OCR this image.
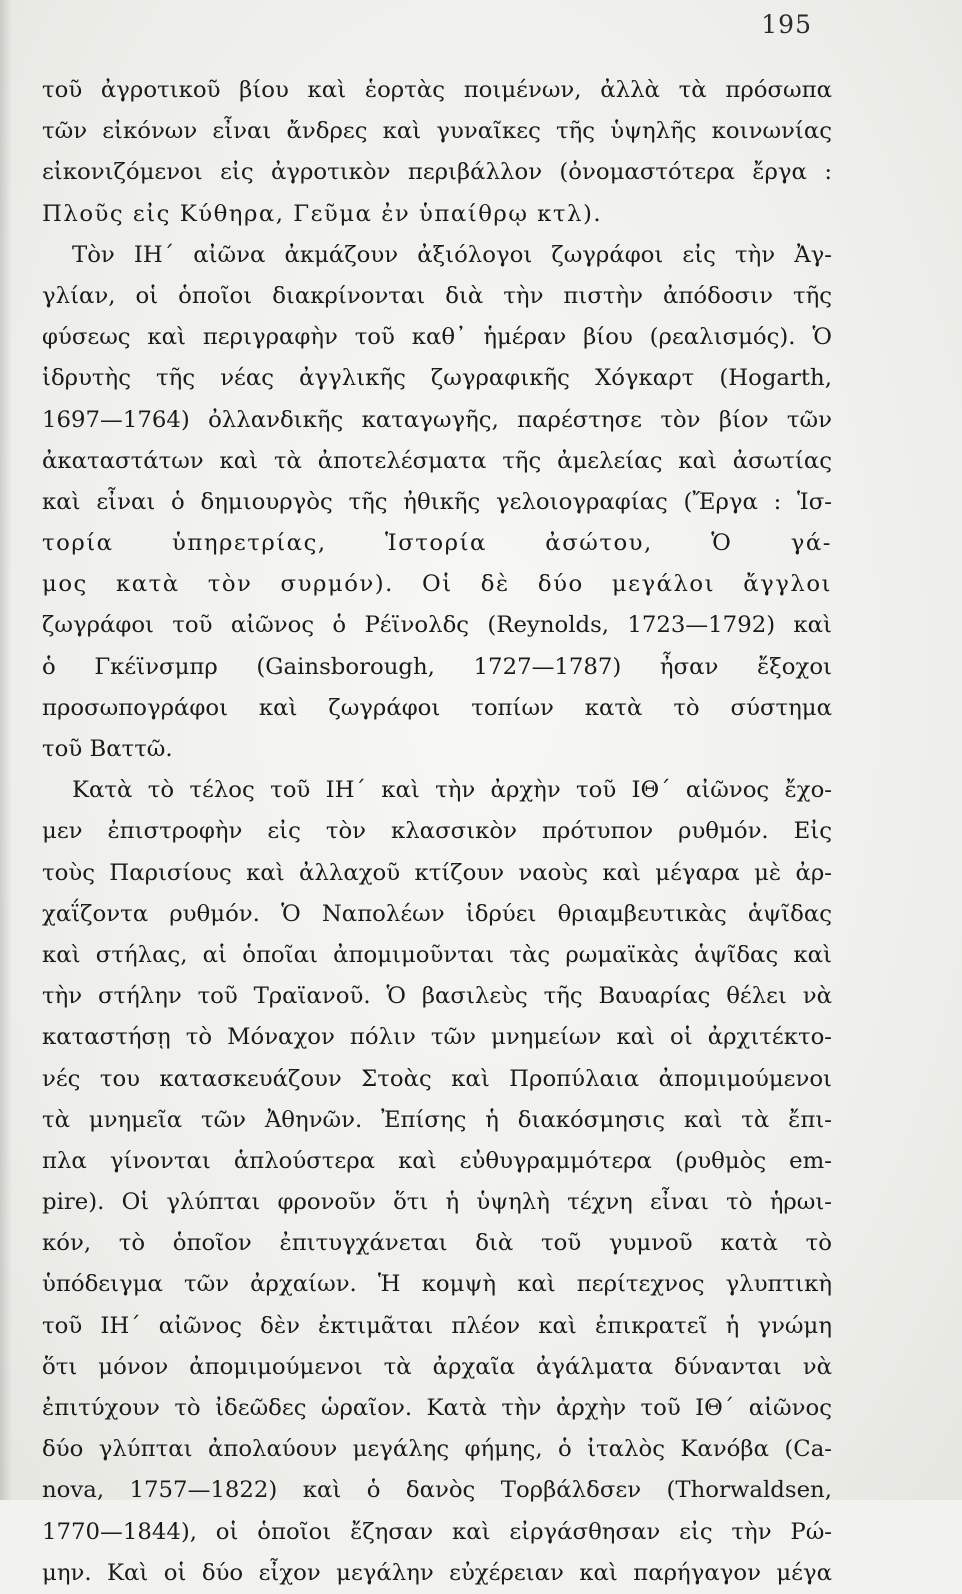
195
τοῦ ἀγροτικοῦ βίου καὶ ἑορτὰς ποιμένων, ἀλλὰ τὰ πρόσωπα
τῶν εἰκόνων εἶναι ἄνδρες καὶ γυναῖκες τῆς ὑψηλῆς κοινωνίας
εἰκονιζόμενοι εἰς ἀγροτικὸν περιβάλλον (ὀνομαστότερα ἔργα :
Πλοῦς εἰς Κύθηρα, Γεῦμα ἐν ὑπαίθρῳ κτλ).
Τὸν ΙΗ΄ αἰῶνα ἀκμάζουν ἀξιόλογοι ζωγράφοι εἰς τὴν Ἀγ-
γλίαν, οἱ ὁποῖοι διακρίνονται διὰ τὴν πιστὴν ἀπόδοσιν τῆς
φύσεως καὶ περιγραφὴν τοῦ καθ᾽ ἡμέραν βίου (ρεαλισμός). Ὁ
ἱδρυτὴς τῆς νέας ἀγγλικῆς ζωγραφικῆς Χόγκαρτ (Hogarth,
1697—1764) ὀλλανδικῆς καταγωγῆς, παρέστησε τὸν βίον τῶν
ἀκαταστάτων καὶ τὰ ἀποτελέσματα τῆς ἀμελείας καὶ ἀσωτίας
καὶ εἶναι ὁ δημιουργὸς τῆς ἠθικῆς γελοιογραφίας (Ἔργα : Ἱσ-
τορία ὑπηρετρίας, Ἱστορία ἀσώτου, Ὁ γά-
μος κατὰ τὸν συρμόν). Οἱ δὲ δύο μεγάλοι ἄγγλοι
ζωγράφοι τοῦ αἰῶνος ὁ Ρέϊνολδς (Reynolds, 1723—1792) καὶ
ὁ Γκέϊνσμπρ (Gainsborough, 1727—1787) ἦσαν ἔξοχοι
προσωπογράφοι καὶ ζωγράφοι τοπίων κατὰ τὸ σύστημα
τοῦ Βαττῶ.
Κατὰ τὸ τέλος τοῦ ΙΗ΄ καὶ τὴν ἀρχὴν τοῦ ΙΘ΄ αἰῶνος ἔχο-
μεν ἐπιστροφὴν εἰς τὸν κλασσικὸν πρότυπον ρυθμόν. Εἰς
τοὺς Παρισίους καὶ ἀλλαχοῦ κτίζουν ναοὺς καὶ μέγαρα μὲ ἀρ-
χαΐζοντα ρυθμόν. Ὁ Ναπολέων ἱδρύει θριαμβευτικὰς ἁψῖδας
καὶ στήλας, αἱ ὁποῖαι ἀπομιμοῦνται τὰς ρωμαϊκὰς ἁψῖδας καὶ
τὴν στήλην τοῦ Τραϊανοῦ. Ὁ βασιλεὺς τῆς Βαυαρίας θέλει νὰ
καταστήσῃ τὸ Μόναχον πόλιν τῶν μνημείων καὶ οἱ ἀρχιτέκτο-
νές του κατασκευάζουν Στοὰς καὶ Προπύλαια ἀπομιμούμενοι
τὰ μνημεῖα τῶν Ἀθηνῶν. Ἐπίσης ἡ διακόσμησις καὶ τὰ ἔπι-
πλα γίνονται ἁπλούστερα καὶ εὐθυγραμμότερα (ρυθμὸς em-
pire). Οἱ γλύπται φρονοῦν ὅτι ἡ ὑψηλὴ τέχνη εἶναι τὸ ἡρωι-
κόν, τὸ ὁποῖον ἐπιτυγχάνεται διὰ τοῦ γυμνοῦ κατὰ τὸ
ὑπόδειγμα τῶν ἀρχαίων. Ἡ κομψὴ καὶ περίτεχνος γλυπτικὴ
τοῦ ΙΗ΄ αἰῶνος δὲν ἐκτιμᾶται πλέον καὶ ἐπικρατεῖ ἡ γνώμη
ὅτι μόνον ἀπομιμούμενοι τὰ ἀρχαῖα ἀγάλματα δύνανται νὰ
ἐπιτύχουν τὸ ἰδεῶδες ὡραῖον. Κατὰ τὴν ἀρχὴν τοῦ ΙΘ΄ αἰῶνος
δύο γλύπται ἀπολαύουν μεγάλης φήμης, ὁ ἰταλὸς Κανόβα (Ca-
nova, 1757—1822) καὶ ὁ δανὸς Τορβάλδσεν (Thorwaldsen,
1770—1844), οἱ ὁποῖοι ἔζησαν καὶ εἰργάσθησαν εἰς τὴν Ρώ-
μην. Καὶ οἱ δύο εἶχον μεγάλην εὐχέρειαν καὶ παρήγαγον μέγα
